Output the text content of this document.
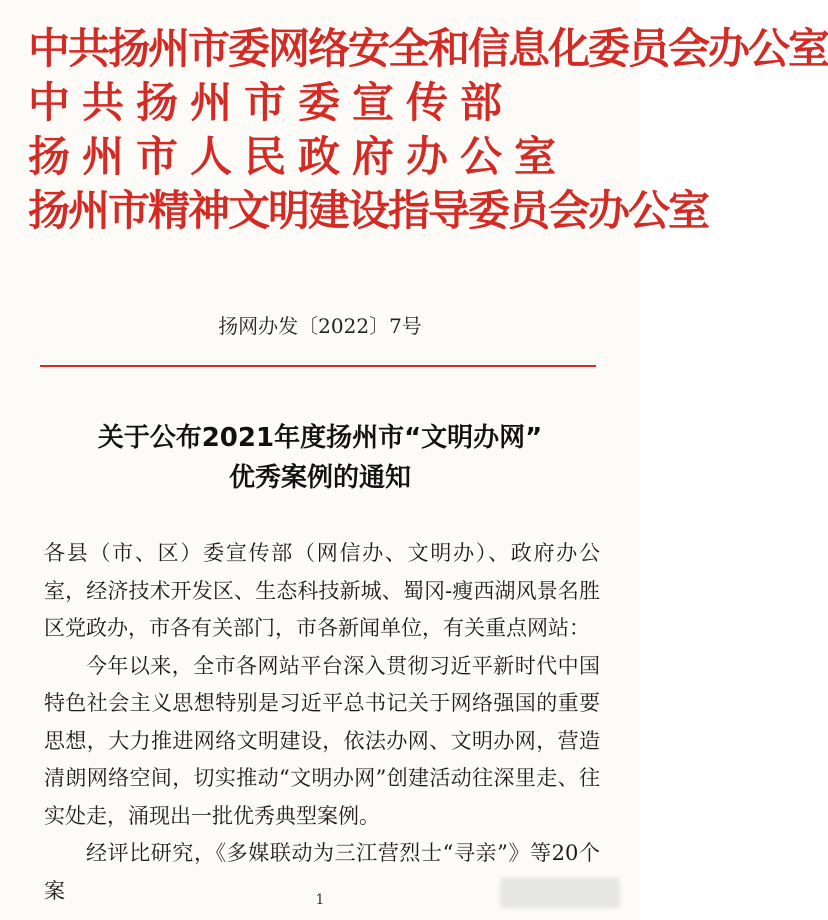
中共扬州市委网络安全和信息化委员会办公室
中共扬州市委宣传部
扬州市人民政府办公室
扬州市精神文明建设指导委员会办公室
扬网办发〔2022〕7号
关于公布2021年度扬州市“文明办网”
优秀案例的通知

各县（市、区）委宣传部（网信办、文明办）、政府办公室，经济技术开发区、生态科技新城、蜀冈-瘦西湖风景名胜区党政办，市各有关部门，市各新闻单位，有关重点网站：

今年以来，全市各网站平台深入贯彻习近平新时代中国特色社会主义思想特别是习近平总书记关于网络强国的重要思想，大力推进网络文明建设，依法办网、文明办网，营造清朗网络空间，切实推动“文明办网”创建活动往深里走、往实处走，涌现出一批优秀典型案例。

经评比研究，《多媒联动为三江营烈士“寻亲”》等20个案	1
